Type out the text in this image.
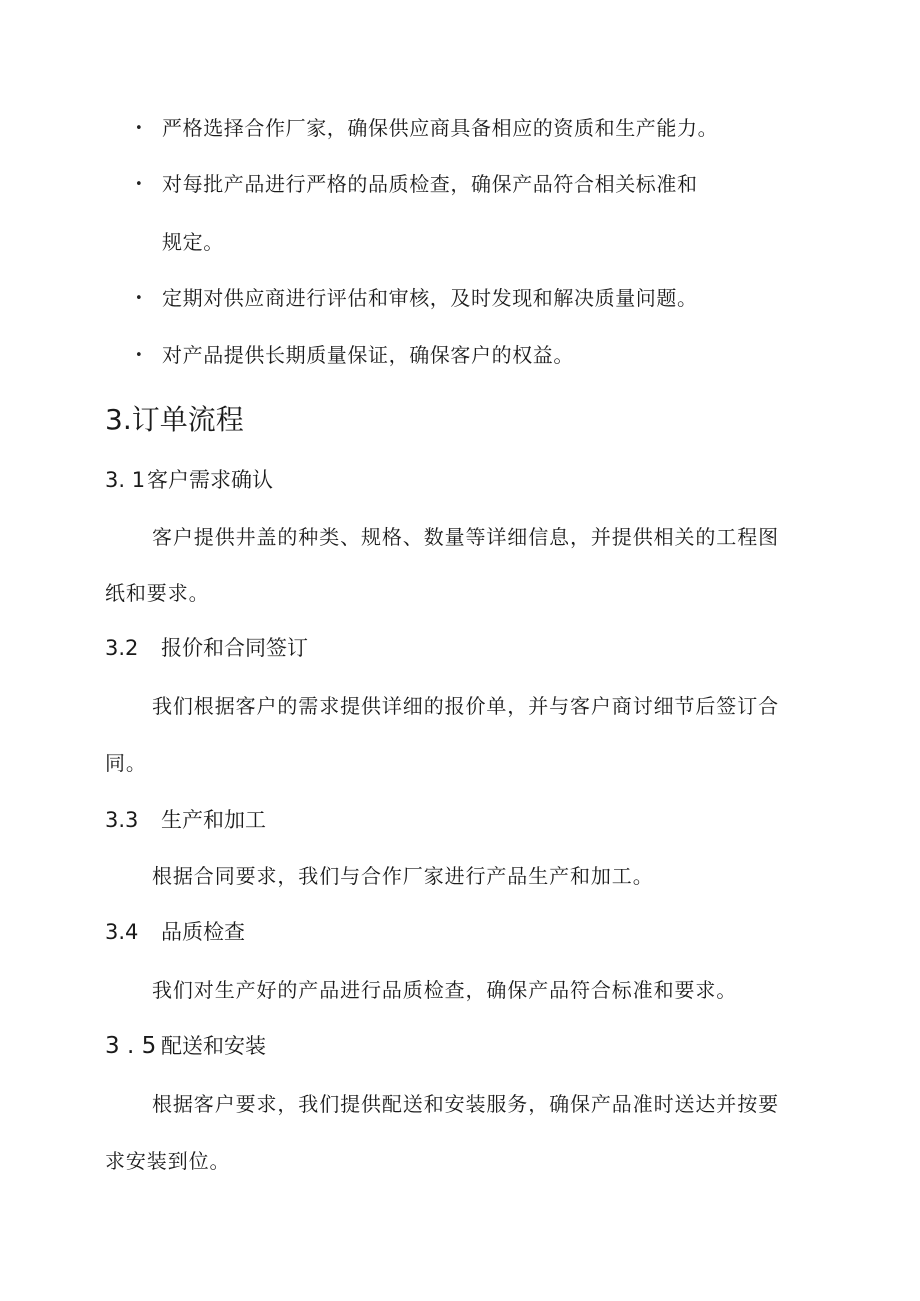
• 严格选择合作厂家，确保供应商具备相应的资质和生产能力。
• 对每批产品进行严格的品质检查，确保产品符合相关标准和
规定。
• 定期对供应商进行评估和审核，及时发现和解决质量问题。
• 对产品提供长期质量保证，确保客户的权益。
3.订单流程
3. 1客户需求确认
客户提供井盖的种类、规格、数量等详细信息，并提供相关的工程图
纸和要求。
3.2 报价和合同签订
我们根据客户的需求提供详细的报价单，并与客户商讨细节后签订合
同。
3.3 生产和加工
根据合同要求，我们与合作厂家进行产品生产和加工。
3.4 品质检查
我们对生产好的产品进行品质检查，确保产品符合标准和要求。
3 . 5 配送和安装
根据客户要求，我们提供配送和安装服务，确保产品准时送达并按要
求安装到位。
